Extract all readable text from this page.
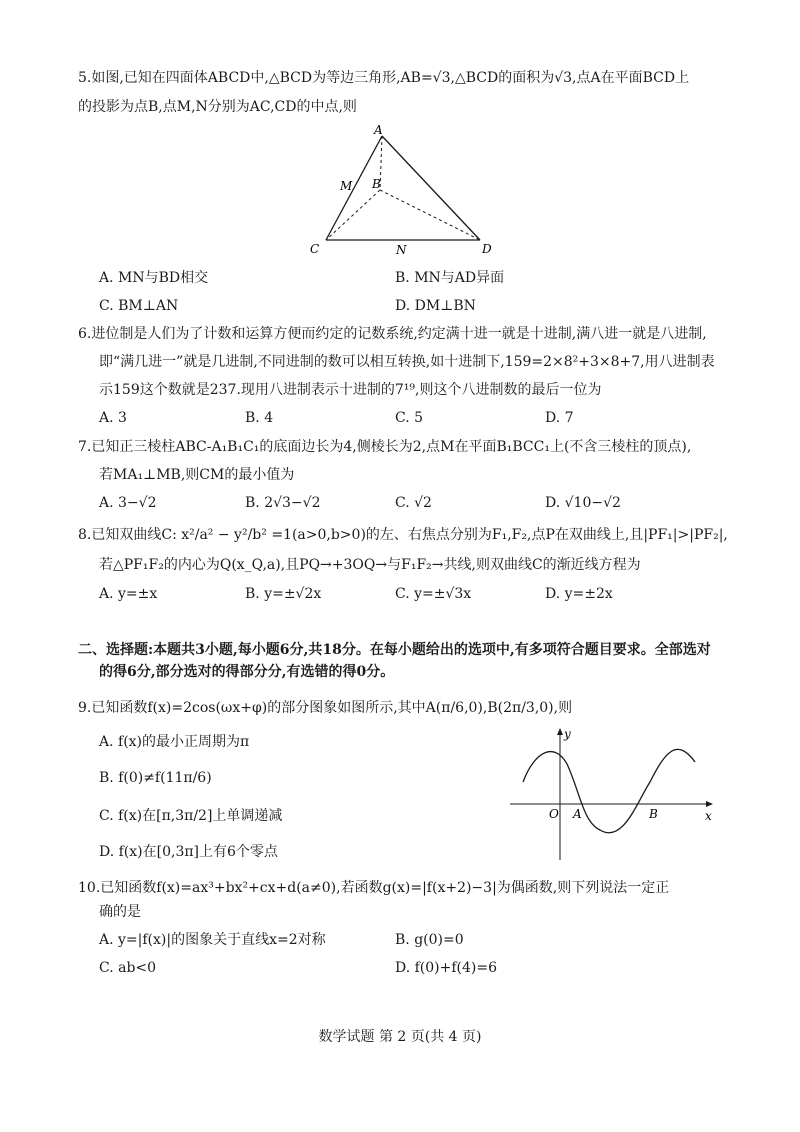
5.如图,已知在四面体ABCD中,△BCD为等边三角形,AB=√3,△BCD的面积为√3,点A在平面BCD上
的投影为点B,点M,N分别为AC,CD的中点,则
A
B
C	D
M
N
A. MN与BD相交	B. MN与AD异面
C. BM⊥AN	D. DM⊥BN
6.进位制是人们为了计数和运算方便而约定的记数系统,约定满十进一就是十进制,满八进一就是八进制,
即“满几进一”就是几进制,不同进制的数可以相互转换,如十进制下,159=2×8²+3×8+7,用八进制表
示159这个数就是237.现用八进制表示十进制的7¹⁹,则这个八进制数的最后一位为
A. 3	B. 4	C. 5	D. 7
7.已知正三棱柱ABC-A₁B₁C₁的底面边长为4,侧棱长为2,点M在平面B₁BCC₁上(不含三棱柱的顶点),
若MA₁⊥MB,则CM的最小值为
A. 3−√2	B. 2√3−√2	C. √2	D. √10−√2
8.已知双曲线C: x²/a² − y²/b² =1(a>0,b>0)的左、右焦点分别为F₁,F₂,点P在双曲线上,且|PF₁|>|PF₂|,
若△PF₁F₂的内心为Q(x_Q,a),且PQ→+3OQ→与F₁F₂→共线,则双曲线C的渐近线方程为
A. y=±x	B. y=±√2x	C. y=±√3x	D. y=±2x
二、选择题:本题共3小题,每小题6分,共18分。在每小题给出的选项中,有多项符合题目要求。全部选对
的得6分,部分选对的得部分分,有选错的得0分。
9.已知函数f(x)=2cos(ωx+φ)的部分图象如图所示,其中A(π/6,0),B(2π/3,0),则
A. f(x)的最小正周期为π
B. f(0)≠f(11π/6)
C. f(x)在[π,3π/2]上单调递减
D. f(x)在[0,3π]上有6个零点
y
x
O A	B
10.已知函数f(x)=ax³+bx²+cx+d(a≠0),若函数g(x)=|f(x+2)−3|为偶函数,则下列说法一定正
确的是
A. y=|f(x)|的图象关于直线x=2对称	B. g(0)=0
C. ab<0	D. f(0)+f(4)=6
数学试题 第 2 页(共 4 页)
